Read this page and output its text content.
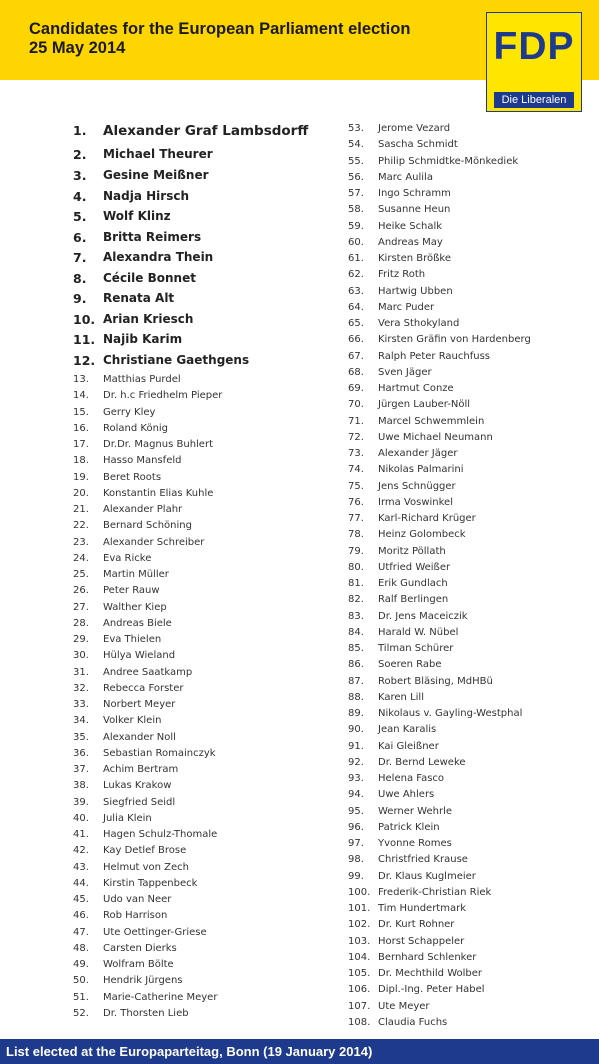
Candidates for the European Parliament election
25 May 2014	FDP
Die Liberalen
1. Alexander Graf Lambsdorff
2. Michael Theurer
3. Gesine Meißner
4. Nadja Hirsch
5. Wolf Klinz
6. Britta Reimers
7. Alexandra Thein
8. Cécile Bonnet
9. Renata Alt
10. Arian Kriesch
11. Najib Karim
12. Christiane Gaethgens
13. Matthias Purdel
14. Dr. h.c Friedhelm Pieper
15. Gerry Kley
16. Roland König
17. Dr.Dr. Magnus Buhlert
18. Hasso Mansfeld
19. Beret Roots
20. Konstantin Elias Kuhle
21. Alexander Plahr
22. Bernard Schöning
23. Alexander Schreiber
24. Eva Ricke
25. Martin Müller
26. Peter Rauw
27. Walther Kiep
28. Andreas Biele
29. Eva Thielen
30. Hülya Wieland
31. Andree Saatkamp
32. Rebecca Forster
33. Norbert Meyer
34. Volker Klein
35. Alexander Noll
36. Sebastian Romainczyk
37. Achim Bertram
38. Lukas Krakow
39. Siegfried Seidl
40. Julia Klein
41. Hagen Schulz-Thomale
42. Kay Detlef Brose
43. Helmut von Zech
44. Kirstin Tappenbeck
45. Udo van Neer
46. Rob Harrison
47. Ute Oettinger-Griese
48. Carsten Dierks
49. Wolfram Bölte
50. Hendrik Jürgens
51. Marie-Catherine Meyer
52. Dr. Thorsten Lieb
53. Jerome Vezard
54. Sascha Schmidt
55. Philip Schmidtke-Mönkediek
56. Marc Aulila
57. Ingo Schramm
58. Susanne Heun
59. Heike Schalk
60. Andreas May
61. Kirsten Brößke
62. Fritz Roth
63. Hartwig Ubben
64. Marc Puder
65. Vera Sthokyland
66. Kirsten Gräfin von Hardenberg
67. Ralph Peter Rauchfuss
68. Sven Jäger
69. Hartmut Conze
70. Jürgen Lauber-Nöll
71. Marcel Schwemmlein
72. Uwe Michael Neumann
73. Alexander Jäger
74. Nikolas Palmarini
75. Jens Schnügger
76. Irma Voswinkel
77. Karl-Richard Krüger
78. Heinz Golombeck
79. Moritz Pöllath
80. Utfried Weißer
81. Erik Gundlach
82. Ralf Berlingen
83. Dr. Jens Maceiczik
84. Harald W. Nübel
85. Tilman Schürer
86. Soeren Rabe
87. Robert Bläsing, MdHBü
88. Karen Lill
89. Nikolaus v. Gayling-Westphal
90. Jean Karalis
91. Kai Gleißner
92. Dr. Bernd Leweke
93. Helena Fasco
94. Uwe Ahlers
95. Werner Wehrle
96. Patrick Klein
97. Yvonne Romes
98. Christfried Krause
99. Dr. Klaus Kuglmeier
100. Frederik-Christian Riek
101. Tim Hundertmark
102. Dr. Kurt Rohner
103. Horst Schappeler
104. Bernhard Schlenker
105. Dr. Mechthild Wolber
106. Dipl.-Ing. Peter Habel
107. Ute Meyer
108. Claudia Fuchs
List elected at the Europaparteitag, Bonn (19 January 2014)
